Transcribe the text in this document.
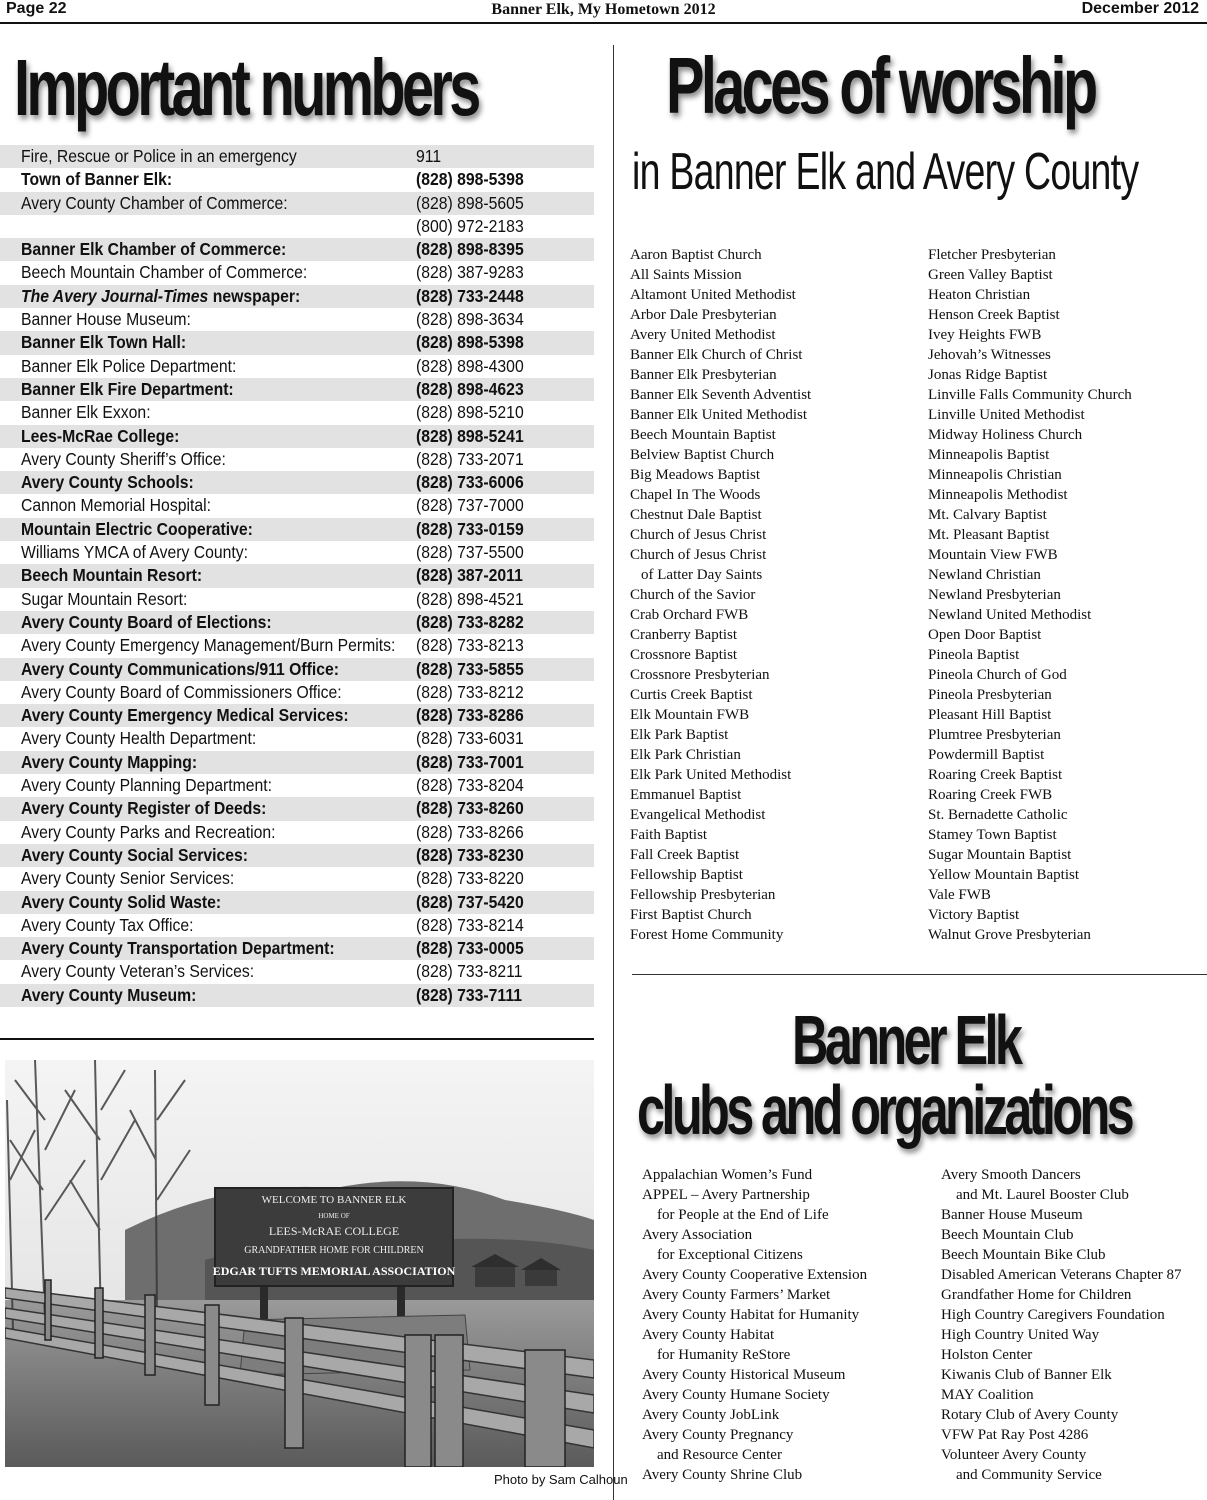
Page 22	Banner Elk, My Hometown 2012	December 2012
Important numbers
Fire, Rescue or Police in an emergency	911
Town of Banner Elk:	(828) 898-5398
Avery County Chamber of Commerce:	(828) 898-5605
(800) 972-2183
Banner Elk Chamber of Commerce:	(828) 898-8395
Beech Mountain Chamber of Commerce:	(828) 387-9283
The Avery Journal-Times newspaper:	(828) 733-2448
Banner House Museum:	(828) 898-3634
Banner Elk Town Hall:	(828) 898-5398
Banner Elk Police Department:	(828) 898-4300
Banner Elk Fire Department:	(828) 898-4623
Banner Elk Exxon:	(828) 898-5210
Lees-McRae College:	(828) 898-5241
Avery County Sheriff’s Office:	(828) 733-2071
Avery County Schools:	(828) 733-6006
Cannon Memorial Hospital:	(828) 737-7000
Mountain Electric Cooperative:	(828) 733-0159
Williams YMCA of Avery County:	(828) 737-5500
Beech Mountain Resort:	(828) 387-2011
Sugar Mountain Resort:	(828) 898-4521
Avery County Board of Elections:	(828) 733-8282
Avery County Emergency Management/Burn Permits:	(828) 733-8213
Avery County Communications/911 Office:	(828) 733-5855
Avery County Board of Commissioners Office:	(828) 733-8212
Avery County Emergency Medical Services:	(828) 733-8286
Avery County Health Department:	(828) 733-6031
Avery County Mapping:	(828) 733-7001
Avery County Planning Department:	(828) 733-8204
Avery County Register of Deeds:	(828) 733-8260
Avery County Parks and Recreation:	(828) 733-8266
Avery County Social Services:	(828) 733-8230
Avery County Senior Services:	(828) 733-8220
Avery County Solid Waste:	(828) 737-5420
Avery County Tax Office:	(828) 733-8214
Avery County Transportation Department:	(828) 733-0005
Avery County Veteran’s Services:	(828) 733-8211
Avery County Museum:	(828) 733-7111
WELCOME TO BANNER ELK
HOME OF
LEES-McRAE COLLEGE
GRANDFATHER HOME FOR CHILDREN
EDGAR TUFTS MEMORIAL ASSOCIATION
Photo by Sam Calhoun
Places of worship
in Banner Elk and Avery County
Aaron Baptist Church
All Saints Mission
Altamont United Methodist
Arbor Dale Presbyterian
Avery United Methodist
Banner Elk Church of Christ
Banner Elk Presbyterian
Banner Elk Seventh Adventist
Banner Elk United Methodist
Beech Mountain Baptist
Belview Baptist Church
Big Meadows Baptist
Chapel In The Woods
Chestnut Dale Baptist
Church of Jesus Christ
Church of Jesus Christ
of Latter Day Saints
Church of the Savior
Crab Orchard FWB
Cranberry Baptist
Crossnore Baptist
Crossnore Presbyterian
Curtis Creek Baptist
Elk Mountain FWB
Elk Park Baptist
Elk Park Christian
Elk Park United Methodist
Emmanuel Baptist
Evangelical Methodist
Faith Baptist
Fall Creek Baptist
Fellowship Baptist
Fellowship Presbyterian
First Baptist Church
Forest Home Community
Fletcher Presbyterian
Green Valley Baptist
Heaton Christian
Henson Creek Baptist
Ivey Heights FWB
Jehovah’s Witnesses
Jonas Ridge Baptist
Linville Falls Community Church
Linville United Methodist
Midway Holiness Church
Minneapolis Baptist
Minneapolis Christian
Minneapolis Methodist
Mt. Calvary Baptist
Mt. Pleasant Baptist
Mountain View FWB
Newland Christian
Newland Presbyterian
Newland United Methodist
Open Door Baptist
Pineola Baptist
Pineola Church of God
Pineola Presbyterian
Pleasant Hill Baptist
Plumtree Presbyterian
Powdermill Baptist
Roaring Creek Baptist
Roaring Creek FWB
St. Bernadette Catholic
Stamey Town Baptist
Sugar Mountain Baptist
Yellow Mountain Baptist
Vale FWB
Victory Baptist
Walnut Grove Presbyterian
Banner Elk
clubs and organizations
Appalachian Women’s Fund
APPEL – Avery Partnership
for People at the End of Life
Avery Association
for Exceptional Citizens
Avery County Cooperative Extension
Avery County Farmers’ Market
Avery County Habitat for Humanity
Avery County Habitat
for Humanity ReStore
Avery County Historical Museum
Avery County Humane Society
Avery County JobLink
Avery County Pregnancy
and Resource Center
Avery County Shrine Club
Avery Smooth Dancers
and Mt. Laurel Booster Club
Banner House Museum
Beech Mountain Club
Beech Mountain Bike Club
Disabled American Veterans Chapter 87
Grandfather Home for Children
High Country Caregivers Foundation
High Country United Way
Holston Center
Kiwanis Club of Banner Elk
MAY Coalition
Rotary Club of Avery County
VFW Pat Ray Post 4286
Volunteer Avery County
and Community Service
